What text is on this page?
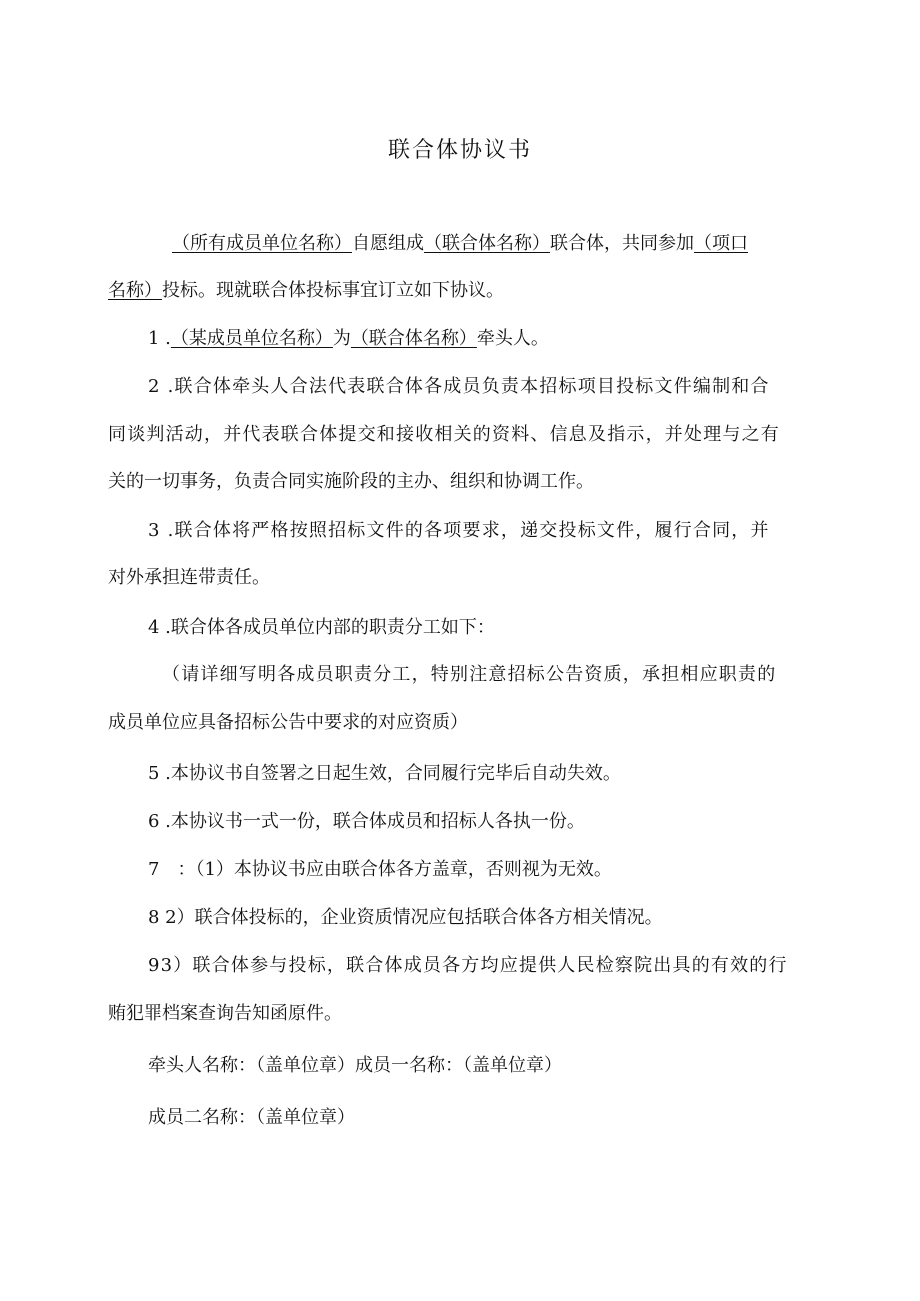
联合体协议书
（所有成员单位名称）自愿组成（联合体名称）联合体，共同参加（项口
名称）投标。现就联合体投标事宜订立如下协议。
1 .（某成员单位名称）为（联合体名称）牵头人。
2 .联合体牵头人合法代表联合体各成员负责本招标项目投标文件编制和合
同谈判活动，并代表联合体提交和接收相关的资料、信息及指示，并处理与之有
关的一切事务，负责合同实施阶段的主办、组织和协调工作。
3 .联合体将严格按照招标文件的各项要求，递交投标文件，履行合同，并
对外承担连带责任。
4 .联合体各成员单位内部的职责分工如下：
（请详细写明各成员职责分工，特别注意招标公告资质，承担相应职责的
成员单位应具备招标公告中要求的对应资质）
5 .本协议书自签署之日起生效，合同履行完毕后自动失效。
6 .本协议书一式一份，联合体成员和招标人各执一份。
7　：（1）本协议书应由联合体各方盖章，否则视为无效。
8 2）联合体投标的，企业资质情况应包括联合体各方相关情况。
93）联合体参与投标，联合体成员各方均应提供人民检察院出具的有效的行
贿犯罪档案查询告知函原件。
牵头人名称：（盖单位章）成员一名称：（盖单位章）
成员二名称：（盖单位章）
